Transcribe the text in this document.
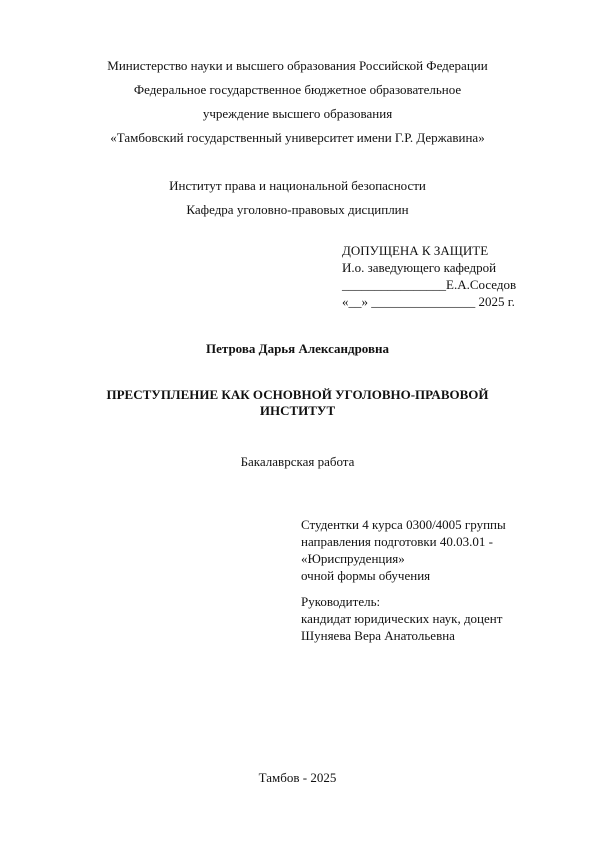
Министерство науки и высшего образования Российской Федерации
Федеральное государственное бюджетное образовательное
учреждение высшего образования
«Тамбовский государственный университет имени Г.Р. Державина»
Институт права и национальной безопасности
Кафедра уголовно-правовых дисциплин
ДОПУЩЕНА К ЗАЩИТЕ
И.о. заведующего кафедрой
________________Е.А.Соседов
«__» ________________ 2025 г.
Петрова Дарья Александровна
ПРЕСТУПЛЕНИЕ КАК ОСНОВНОЙ УГОЛОВНО-ПРАВОВОЙ
ИНСТИТУТ
Бакалаврская работа
Студентки 4 курса 0300/4005 группы
направления подготовки 40.03.01 -
«Юриспруденция»
очной формы обучения
Руководитель:
кандидат юридических наук, доцент
Шуняева Вера Анатольевна
Тамбов - 2025
